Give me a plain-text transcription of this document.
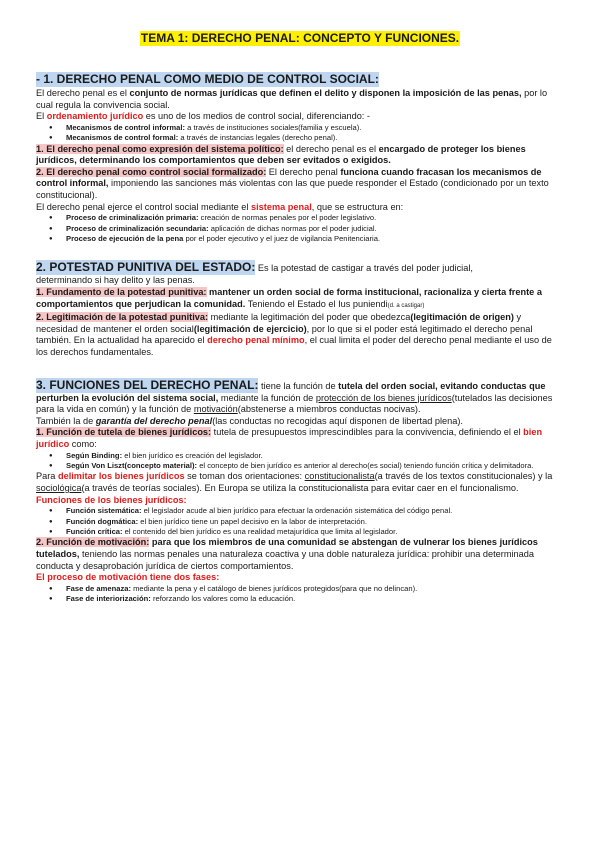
TEMA 1: DERECHO PENAL: CONCEPTO Y FUNCIONES.
- 1. DERECHO PENAL COMO MEDIO DE CONTROL SOCIAL:

El derecho penal es el conjunto de normas jurídicas que definen el delito y disponen la imposición de las penas, por lo cual regula la convivencia social.

El ordenamiento jurídico es uno de los medios de control social, diferenciando: -

● Mecanismos de control informal: a través de instituciones sociales(familia y escuela).
● Mecanismos de control formal: a través de instancias legales (derecho penal).

1. El derecho penal como expresión del sistema político: el derecho penal es el encargado de proteger los bienes jurídicos, determinando los comportamientos que deben ser evitados o exigidos.

2. El derecho penal como control social formalizado: El derecho penal funciona cuando fracasan los mecanismos de control informal, imponiendo las sanciones más violentas con las que puede responder el Estado (condicionado por un texto constitucional).

El derecho penal ejerce el control social mediante el sistema penal, que se estructura en:

● Proceso de criminalización primaria: creación de normas penales por el poder legislativo.
● Proceso de criminalización secundaria: aplicación de dichas normas por el poder judicial.
● Proceso de ejecución de la pena por el poder ejecutivo y el juez de vigilancia Penitenciaria.

2. POTESTAD PUNITIVA DEL ESTADO: Es la potestad de castigar a través del poder judicial,

determinando si hay delito y las penas.

1. Fundamento de la potestad punitiva: mantener un orden social de forma institucional, racionaliza y cierta frente a comportamientos que perjudican la comunidad. Teniendo el Estado el Ius puniendi(d. a castigar)

2. Legitimación de la potestad punitiva: mediante la legitimación del poder que obedezca(legitimación de origen) y necesidad de mantener el orden social(legitimación de ejercicio), por lo que si el poder está legitimado el derecho penal también. En la actualidad ha aparecido el derecho penal mínimo, el cual limita el poder del derecho penal mediante el uso de los derechos fundamentales.

3. FUNCIONES DEL DERECHO PENAL: tiene la función de tutela del orden social, evitando conductas que perturben la evolución del sistema social, mediante la función de protección de los bienes jurídicos(tutelados las decisiones para la vida en común) y la función de motivación(abstenerse a miembros conductas nocivas).

También la de garantía del derecho penal(las conductas no recogidas aquí disponen de libertad plena).

1. Función de tutela de bienes jurídicos: tutela de presupuestos imprescindibles para la convivencia, definiendo el el bien jurídico como:

● Según Binding: el bien jurídico es creación del legislador.
● Según Von Liszt(concepto material): el concepto de bien jurídico es anterior al derecho(es social) teniendo función crítica y delimitadora.

Para delimitar los bienes jurídicos se toman dos orientaciones: constitucionalista(a través de los textos constitucionales) y la sociológica(a través de teorías sociales). En Europa se utiliza la constitucionalista para evitar caer en el funcionalismo.

Funciones de los bienes jurídicos:
● Función sistemática: el legislador acude al bien jurídico para efectuar la ordenación sistemática del código penal.
● Función dogmática: el bien jurídico tiene un papel decisivo en la labor de interpretación.
● Función crítica: el contenido del bien jurídico es una realidad metajurídica que limita al legislador.

2. Función de motivación: para que los miembros de una comunidad se abstengan de vulnerar los bienes jurídicos tutelados, teniendo las normas penales una naturaleza coactiva y una doble naturaleza jurídica: prohibir una determinada conducta y desaprobación jurídica de ciertos comportamientos.

El proceso de motivación tiene dos fases:
● Fase de amenaza: mediante la pena y el catálogo de bienes jurídicos protegidos(para que no delincan).
● Fase de interiorización: reforzando los valores como la educación.
